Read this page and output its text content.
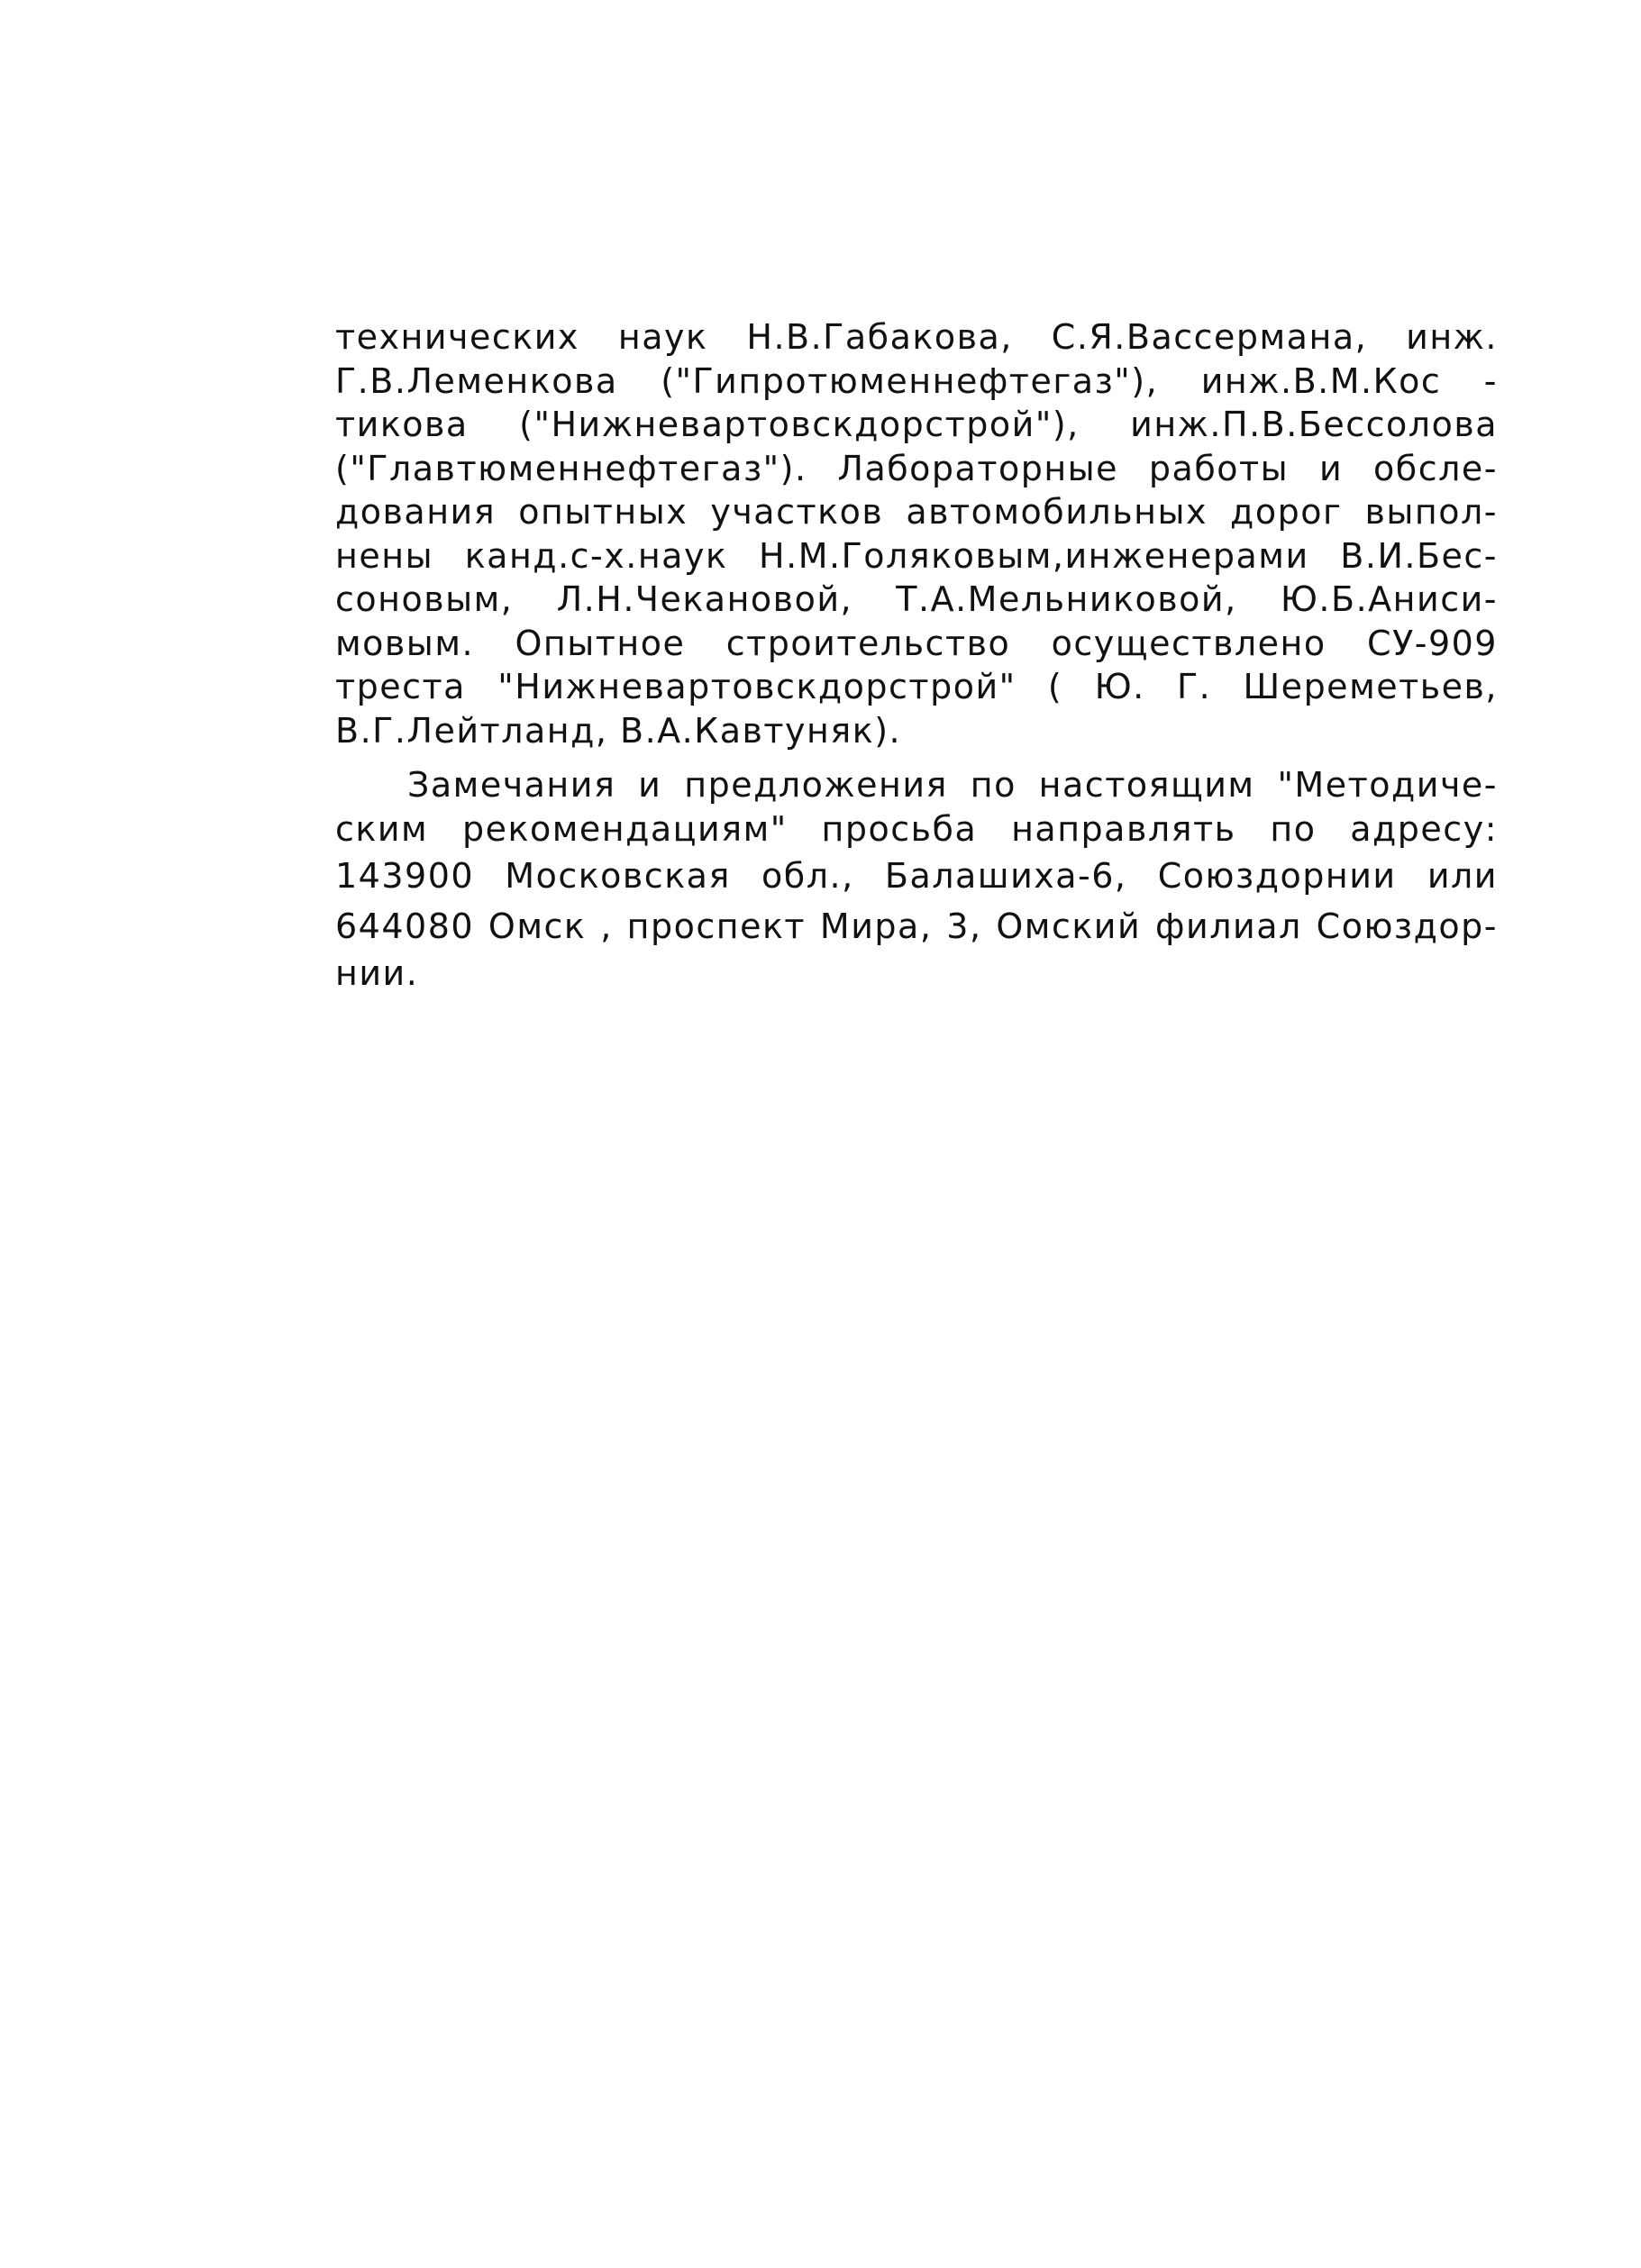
технических наук Н.В.Габакова, С.Я.Вассермана, инж.
Г.В.Леменкова ("Гипротюменнефтегаз"), инж.В.М.Кос -
тикова ("Нижневартовскдорстрой"), инж.П.В.Бессолова
("Главтюменнефтегаз"). Лабораторные работы и обсле-
дования опытных участков автомобильных дорог выпол-
нены канд.с-х.наук Н.М.Голяковым,инженерами В.И.Бес-
соновым, Л.Н.Чекановой, Т.А.Мельниковой, Ю.Б.Аниси-
мовым. Опытное строительство осуществлено СУ-909
треста "Нижневартовскдорстрой" ( Ю. Г. Шереметьев,
В.Г.Лейтланд, В.А.Кавтуняк).
Замечания и предложения по настоящим "Методиче-
ским рекомендациям" просьба направлять по адресу:
143900 Московская обл., Балашиха-6, Союздорнии или
644080 Омск , проспект Мира, 3, Омский филиал Союздор-
нии.
